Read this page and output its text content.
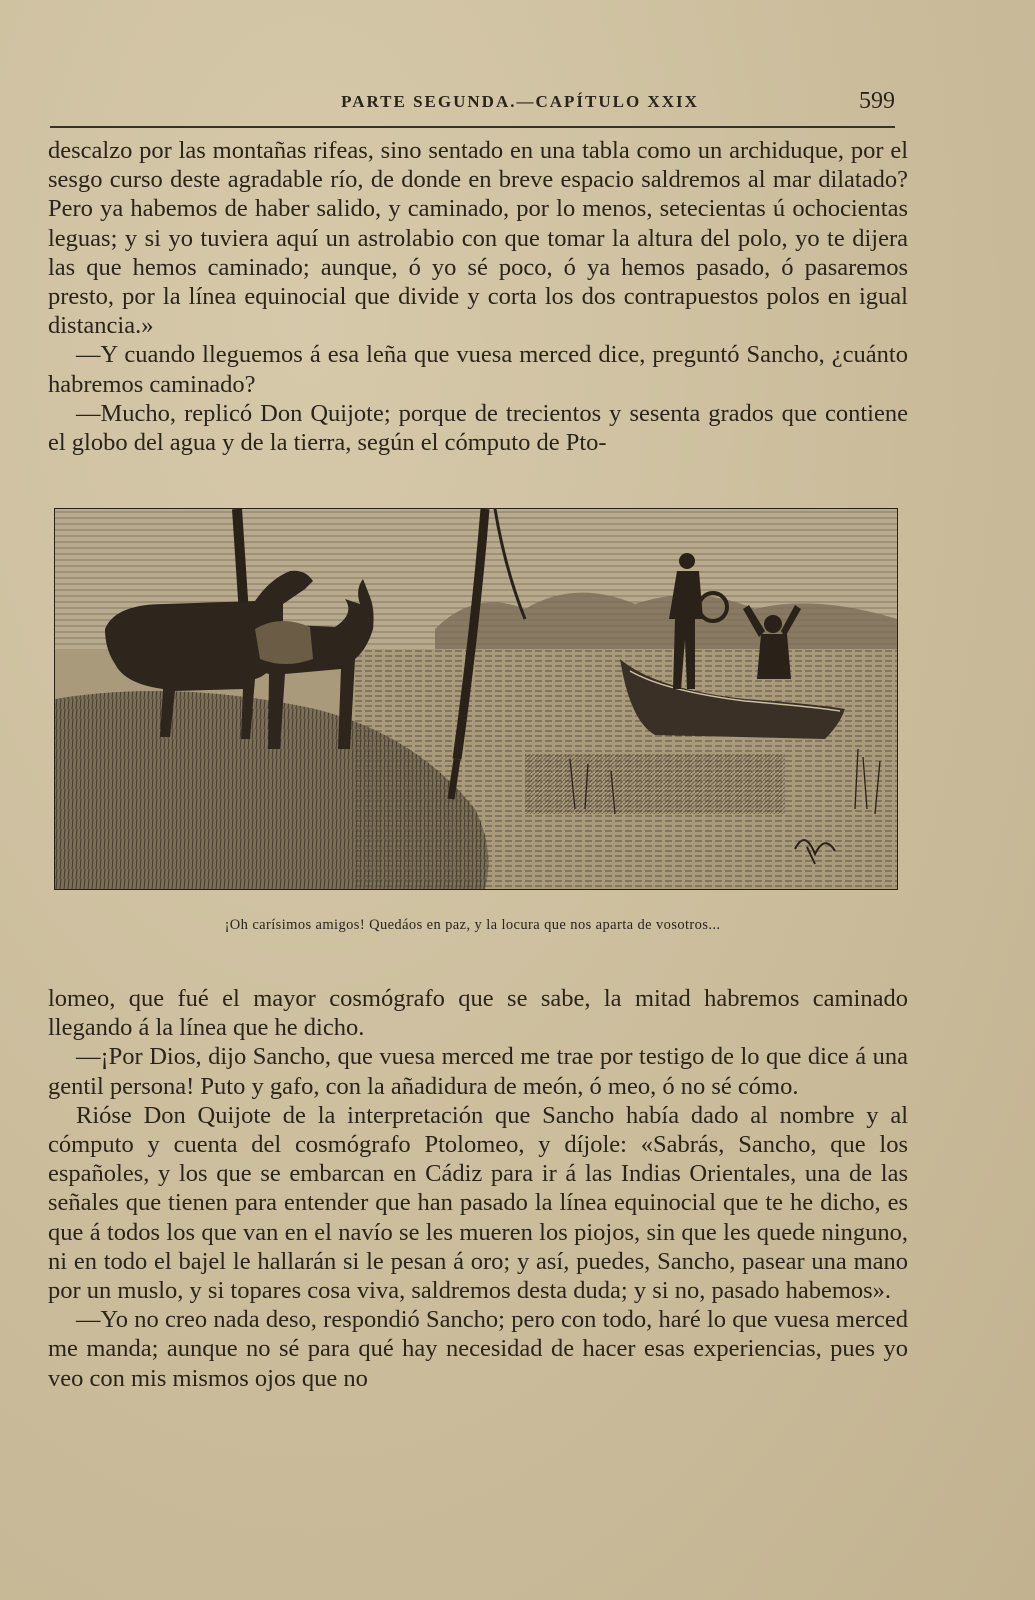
PARTE SEGUNDA.—CAPÍTULO XXIX	599

descalzo por las montañas rifeas, sino sentado en una tabla como un archiduque, por el sesgo curso deste agradable río, de donde en breve espacio saldremos al mar dilatado? Pero ya habemos de haber salido, y caminado, por lo menos, setecientas ú ochocientas leguas; y si yo tuviera aquí un astrolabio con que tomar la altura del polo, yo te dijera las que hemos caminado; aunque, ó yo sé poco, ó ya hemos pasado, ó pasaremos presto, por la línea equinocial que divide y corta los dos contrapuestos polos en igual distancia.»

—Y cuando lleguemos á esa leña que vuesa merced dice, preguntó Sancho, ¿cuánto habremos caminado?

—Mucho, replicó Don Quijote; porque de trecientos y sesenta grados que contiene el globo del agua y de la tierra, según el cómputo de Pto-

¡Oh carísimos amigos! Quedáos en paz, y la locura que nos aparta de vosotros...

lomeo, que fué el mayor cosmógrafo que se sabe, la mitad habremos caminado llegando á la línea que he dicho.

—¡Por Dios, dijo Sancho, que vuesa merced me trae por testigo de lo que dice á una gentil persona! Puto y gafo, con la añadidura de meón, ó meo, ó no sé cómo.

Rióse Don Quijote de la interpretación que Sancho había dado al nombre y al cómputo y cuenta del cosmógrafo Ptolomeo, y díjole: «Sabrás, Sancho, que los españoles, y los que se embarcan en Cádiz para ir á las Indias Orientales, una de las señales que tienen para entender que han pasado la línea equinocial que te he dicho, es que á todos los que van en el navío se les mueren los piojos, sin que les quede ninguno, ni en todo el bajel le hallarán si le pesan á oro; y así, puedes, Sancho, pasear una mano por un muslo, y si topares cosa viva, saldremos desta duda; y si no, pasado habemos».

—Yo no creo nada deso, respondió Sancho; pero con todo, haré lo que vuesa merced me manda; aunque no sé para qué hay necesidad de hacer esas experiencias, pues yo veo con mis mismos ojos que no
